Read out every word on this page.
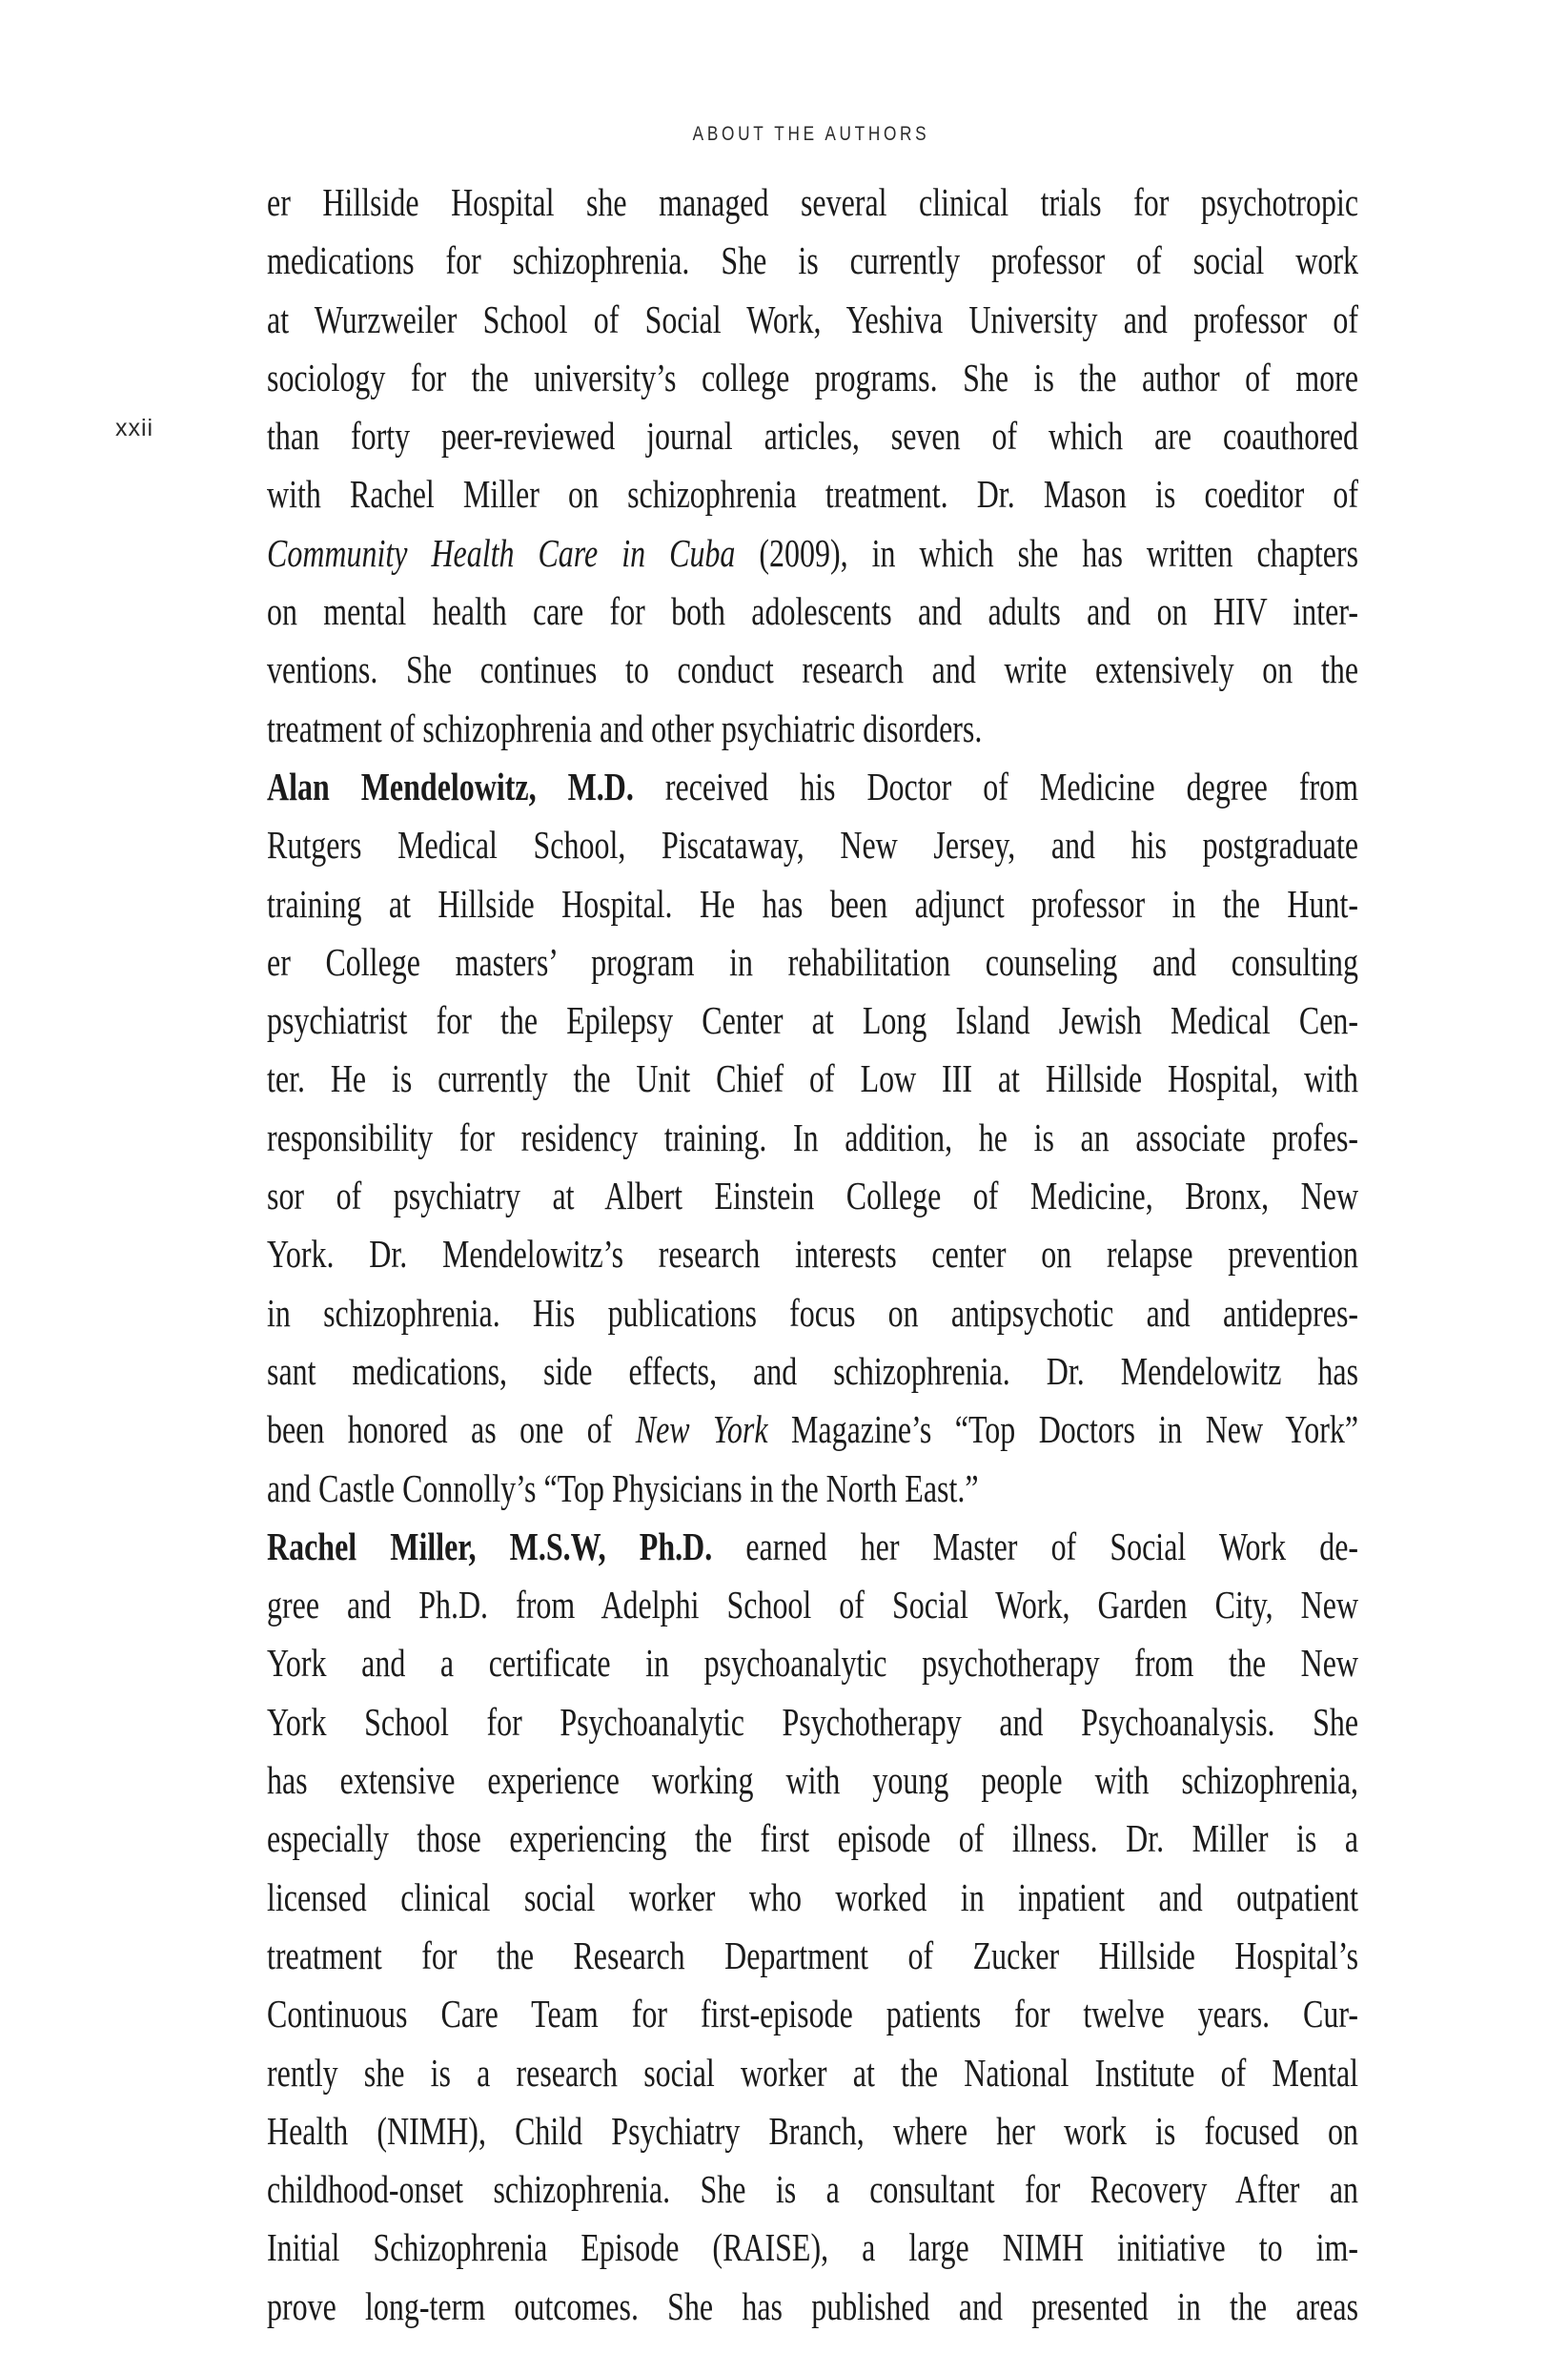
ABOUT THE AUTHORS
xxii
er Hillside Hospital she managed several clinical trials for psychotropic
medications for schizophrenia. She is currently professor of social work
at Wurzweiler School of Social Work, Yeshiva University and professor of
sociology for the university’s college programs. She is the author of more
than forty peer-reviewed journal articles, seven of which are coauthored
with Rachel Miller on schizophrenia treatment. Dr. Mason is coeditor of
Community Health Care in Cuba (2009), in which she has written chapters
on mental health care for both adolescents and adults and on HIV inter-
ventions. She continues to conduct research and write extensively on the
treatment of schizophrenia and other psychiatric disorders.
Alan Mendelowitz, M.D. received his Doctor of Medicine degree from
Rutgers Medical School, Piscataway, New Jersey, and his postgraduate
training at Hillside Hospital. He has been adjunct professor in the Hunt-
er College masters’ program in rehabilitation counseling and consulting
psychiatrist for the Epilepsy Center at Long Island Jewish Medical Cen-
ter. He is currently the Unit Chief of Low III at Hillside Hospital, with
responsibility for residency training. In addition, he is an associate profes-
sor of psychiatry at Albert Einstein College of Medicine, Bronx, New
York. Dr. Mendelowitz’s research interests center on relapse prevention
in schizophrenia. His publications focus on antipsychotic and antidepres-
sant medications, side effects, and schizophrenia. Dr. Mendelowitz has
been honored as one of New York Magazine’s “Top Doctors in New York”
and Castle Connolly’s “Top Physicians in the North East.”
Rachel Miller, M.S.W, Ph.D. earned her Master of Social Work de-
gree and Ph.D. from Adelphi School of Social Work, Garden City, New
York and a certificate in psychoanalytic psychotherapy from the New
York School for Psychoanalytic Psychotherapy and Psychoanalysis. She
has extensive experience working with young people with schizophrenia,
especially those experiencing the first episode of illness. Dr. Miller is a
licensed clinical social worker who worked in inpatient and outpatient
treatment for the Research Department of Zucker Hillside Hospital’s
Continuous Care Team for first-episode patients for twelve years. Cur-
rently she is a research social worker at the National Institute of Mental
Health (NIMH), Child Psychiatry Branch, where her work is focused on
childhood-onset schizophrenia. She is a consultant for Recovery After an
Initial Schizophrenia Episode (RAISE), a large NIMH initiative to im-
prove long-term outcomes. She has published and presented in the areas
